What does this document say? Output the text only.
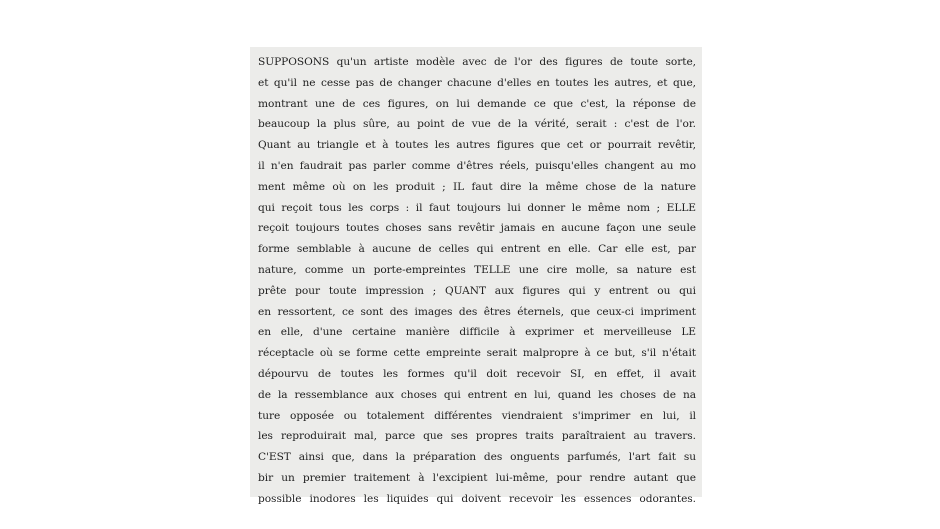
SUPPOSONS qu'un artiste modèle avec de l'or des figures de toute sorte,
et qu'il ne cesse pas de changer chacune d'elles en toutes les autres, et que,
montrant une de ces figures, on lui demande ce que c'est, la réponse de
beaucoup la plus sûre, au point de vue de la vérité, serait : c'est de l'or.
Quant au triangle et à toutes les autres figures que cet or pourrait revêtir,
il n'en faudrait pas parler comme d'êtres réels, puisqu'elles changent au mo
ment même où on les produit ; IL faut dire la même chose de la nature
qui reçoit tous les corps : il faut toujours lui donner le même nom ; ELLE
reçoit toujours toutes choses sans revêtir jamais en aucune façon une seule
forme semblable à aucune de celles qui entrent en elle. Car elle est, par
nature, comme un porte-empreintes TELLE une cire molle, sa nature est
prête pour toute impression ; QUANT aux figures qui y entrent ou qui
en ressortent, ce sont des images des êtres éternels, que ceux-ci impriment
en elle, d'une certaine manière difficile à exprimer et merveilleuse LE
réceptacle où se forme cette empreinte serait malpropre à ce but, s'il n'était
dépourvu de toutes les formes qu'il doit recevoir SI, en effet, il avait
de la ressemblance aux choses qui entrent en lui, quand les choses de na
ture opposée ou totalement différentes viendraient s'imprimer en lui, il
les reproduirait mal, parce que ses propres traits paraîtraient au travers.
C'EST ainsi que, dans la préparation des onguents parfumés, l'art fait su
bir un premier traitement à l'excipient lui-même, pour rendre autant que
possible inodores les liquides qui doivent recevoir les essences odorantes.
